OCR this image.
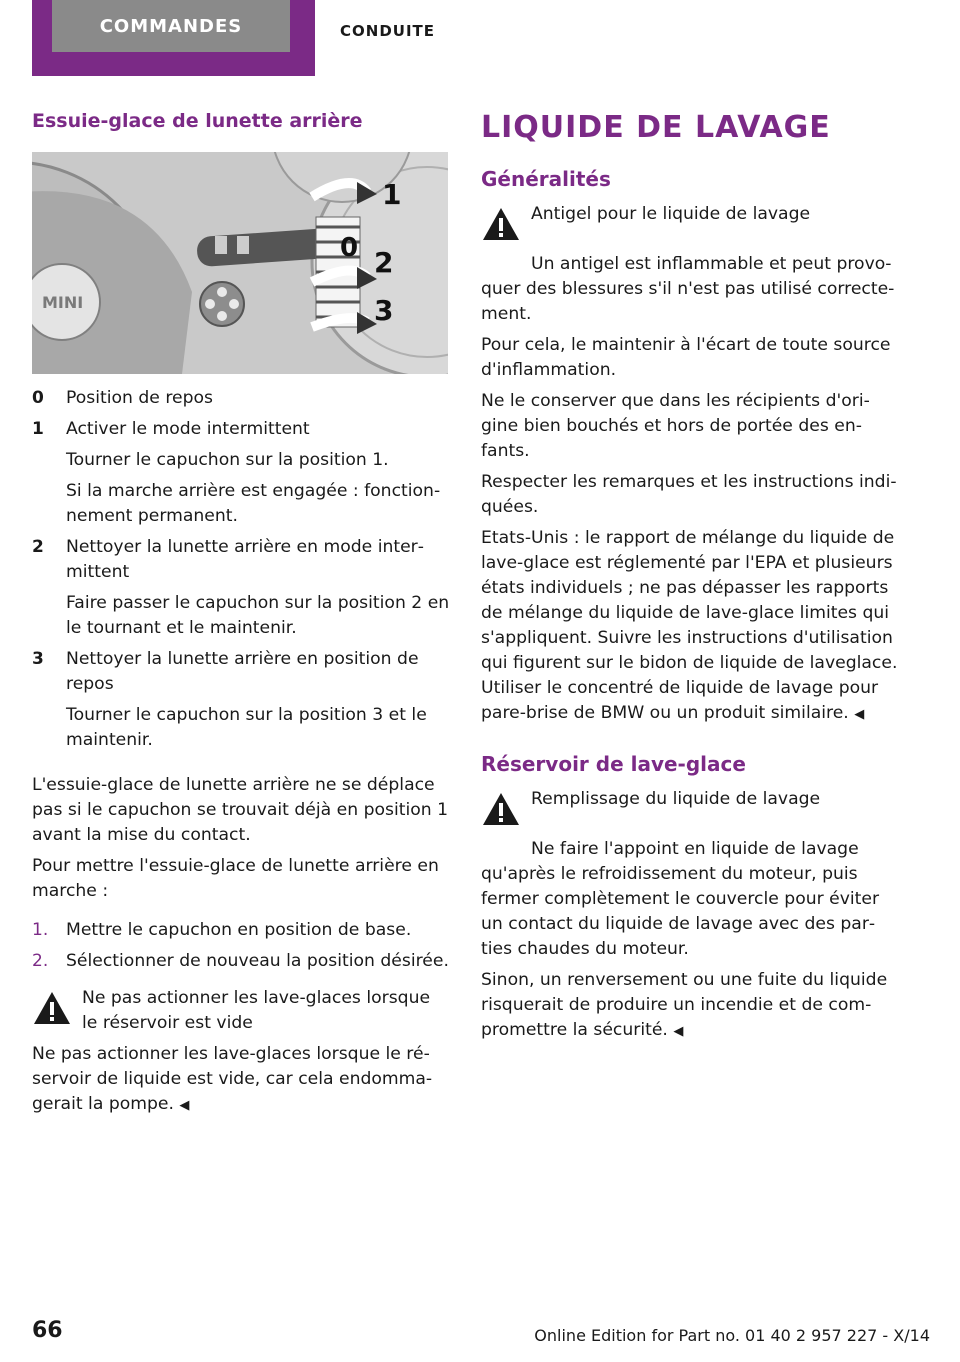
COMMANDES	CONDUITE
Essuie-glace de lunette arrière
MINI
1
0 2
3
0	Position de repos

1	Activer le mode intermittent

Tourner le capuchon sur la position 1.

Si la marche arrière est engagée : fonctionnement permanent.

2	Nettoyer la lunette arrière en mode intermittent

Faire passer le capuchon sur la position 2 en le tournant et le maintenir.

3	Nettoyer la lunette arrière en position de repos

Tourner le capuchon sur la position 3 et le maintenir.

L'essuie-glace de lunette arrière ne se déplace pas si le capuchon se trouvait déjà en position 1 avant la mise du contact.

Pour mettre l'essuie-glace de lunette arrière en marche :

1.	Mettre le capuchon en position de base.

2.	Sélectionner de nouveau la position désirée.

Ne pas actionner les lave-glaces lorsque le réservoir est vide

Ne pas actionner les lave-glaces lorsque le réservoir de liquide est vide, car cela endommagerait la pompe. ◀

LIQUIDE DE LAVAGE
Généralités

Antigel pour le liquide de lavage

Un antigel est inflammable et peut provoquer des blessures s'il n'est pas utilisé correctement.

Pour cela, le maintenir à l'écart de toute source d'inflammation.

Ne le conserver que dans les récipients d'origine bien bouchés et hors de portée des enfants.

Respecter les remarques et les instructions indiquées.

Etats-Unis : le rapport de mélange du liquide de lave-glace est réglementé par l'EPA et plusieurs états individuels ; ne pas dépasser les rapports de mélange du liquide de lave-glace limites qui s'appliquent. Suivre les instructions d'utilisation qui figurent sur le bidon de liquide de laveglace. Utiliser le concentré de liquide de lavage pour pare-brise de BMW ou un produit similaire. ◀

Réservoir de lave-glace

Remplissage du liquide de lavage

Ne faire l'appoint en liquide de lavage qu'après le refroidissement du moteur, puis fermer complètement le couvercle pour éviter un contact du liquide de lavage avec des parties chaudes du moteur.

Sinon, un renversement ou une fuite du liquide risquerait de produire un incendie et de compromettre la sécurité. ◀

66	Online Edition for Part no. 01 40 2 957 227 - X/14
